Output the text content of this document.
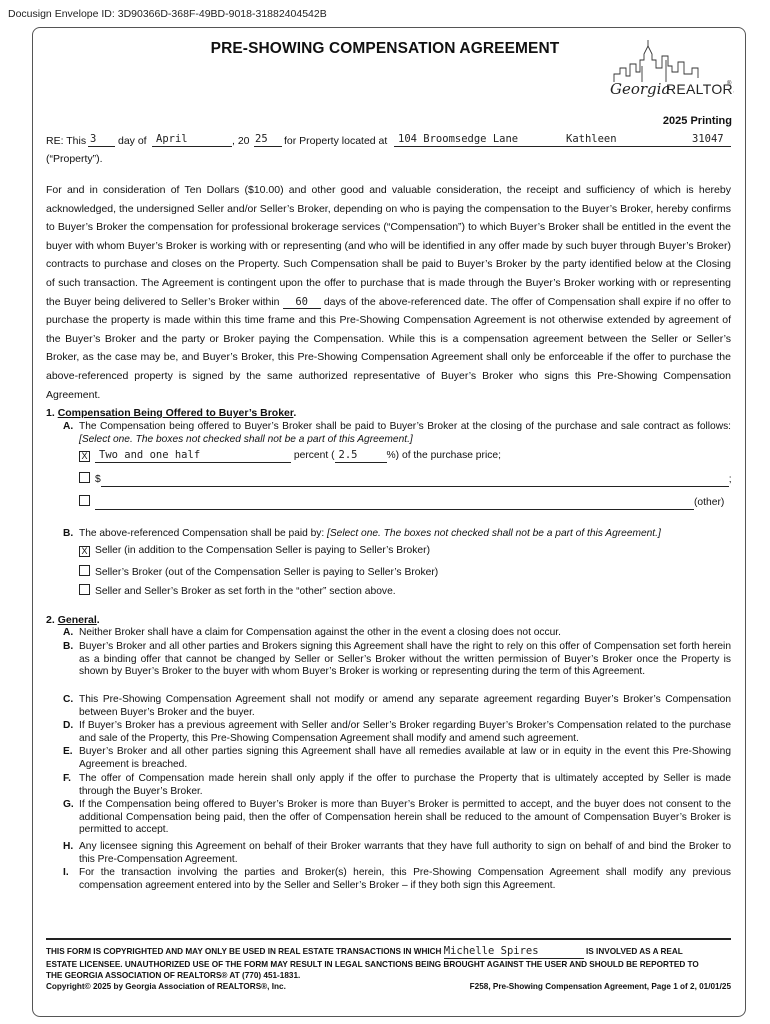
Docusign Envelope ID: 3D90366D-368F-49BD-9018-31882404542B
PRE-SHOWING COMPENSATION AGREEMENT
Georgia
REALTOR
®
2025 Printing
RE: This 3 day of April	, 20 25 for Property located at 104 Broomsedge Lane	Kathleen	31047
(“Property”).
For and in consideration of Ten Dollars ($10.00) and other good and valuable consideration, the receipt and sufficiency of which is hereby acknowledged, the undersigned Seller and/or Seller’s Broker, depending on who is paying the compensation to the Buyer’s Broker, hereby confirms to Buyer’s Broker the compensation for professional brokerage services (“Compensation”) to which Buyer’s Broker shall be entitled in the event the buyer with whom Buyer’s Broker is working with or representing (and who will be identified in any offer made by such buyer through Buyer’s Broker) contracts to purchase and closes on the Property. Such Compensation shall be paid to Buyer’s Broker by the party identified below at the Closing of such transaction. The Agreement is contingent upon the offer to purchase that is made through the Buyer’s Broker working with or representing the Buyer being delivered to Seller’s Broker within 60 days of the above-referenced date. The offer of Compensation shall expire if no offer to purchase the property is made within this time frame and this Pre-Showing Compensation Agreement is not otherwise extended by agreement of the Buyer’s Broker and the party or Broker paying the Compensation. While this is a compensation agreement between the Seller or Seller’s Broker, as the case may be, and Buyer’s Broker, this Pre-Showing Compensation Agreement shall only be enforceable if the offer to purchase the above-referenced property is signed by the same authorized representative of Buyer’s Broker who signs this Pre-Showing Compensation Agreement.
1. Compensation Being Offered to Buyer’s Broker.
A. The Compensation being offered to Buyer’s Broker shall be paid to Buyer’s Broker at the closing of the purchase and sale contract as follows: [Select one. The boxes not checked shall not be a part of this Agreement.]
X Two and one half	percent ( 2.5	%) of the purchase price;
$	;
(other)
B. The above-referenced Compensation shall be paid by: [Select one. The boxes not checked shall not be a part of this Agreement.]
X Seller (in addition to the Compensation Seller is paying to Seller’s Broker)
Seller’s Broker (out of the Compensation Seller is paying to Seller’s Broker)
Seller and Seller’s Broker as set forth in the “other” section above.
2. General.
A. Neither Broker shall have a claim for Compensation against the other in the event a closing does not occur.
B. Buyer’s Broker and all other parties and Brokers signing this Agreement shall have the right to rely on this offer of Compensation set forth herein as a binding offer that cannot be changed by Seller or Seller’s Broker without the written permission of Buyer’s Broker once the Property is shown by Buyer’s Broker to the buyer with whom Buyer’s Broker is working or representing during the term of this Agreement.
C. This Pre-Showing Compensation Agreement shall not modify or amend any separate agreement regarding Buyer’s Broker’s Compensation between Buyer’s Broker and the buyer.
D. If Buyer’s Broker has a previous agreement with Seller and/or Seller’s Broker regarding Buyer’s Broker’s Compensation related to the purchase and sale of the Property, this Pre-Showing Compensation Agreement shall modify and amend such agreement.
E. Buyer’s Broker and all other parties signing this Agreement shall have all remedies available at law or in equity in the event this Pre-Showing Agreement is breached.
F. The offer of Compensation made herein shall only apply if the offer to purchase the Property that is ultimately accepted by Seller is made through the Buyer’s Broker.
G. If the Compensation being offered to Buyer’s Broker is more than Buyer’s Broker is permitted to accept, and the buyer does not consent to the additional Compensation being paid, then the offer of Compensation herein shall be reduced to the amount of Compensation Buyer’s Broker is permitted to accept.
H. Any licensee signing this Agreement on behalf of their Broker warrants that they have full authority to sign on behalf of and bind the Broker to this Pre-Compensation Agreement.
I. For the transaction involving the parties and Broker(s) herein, this Pre-Showing Compensation Agreement shall modify any previous compensation agreement entered into by the Seller and Seller’s Broker – if they both sign this Agreement.
THIS FORM IS COPYRIGHTED AND MAY ONLY BE USED IN REAL ESTATE TRANSACTIONS IN WHICH Michelle Spires	IS INVOLVED AS A REAL
ESTATE LICENSEE. UNAUTHORIZED USE OF THE FORM MAY RESULT IN LEGAL SANCTIONS BEING BROUGHT AGAINST THE USER AND SHOULD BE REPORTED TO
THE GEORGIA ASSOCIATION OF REALTORS® AT (770) 451-1831.
Copyright© 2025 by Georgia Association of REALTORS®, Inc.	F258, Pre-Showing Compensation Agreement, Page 1 of 2, 01/01/25
